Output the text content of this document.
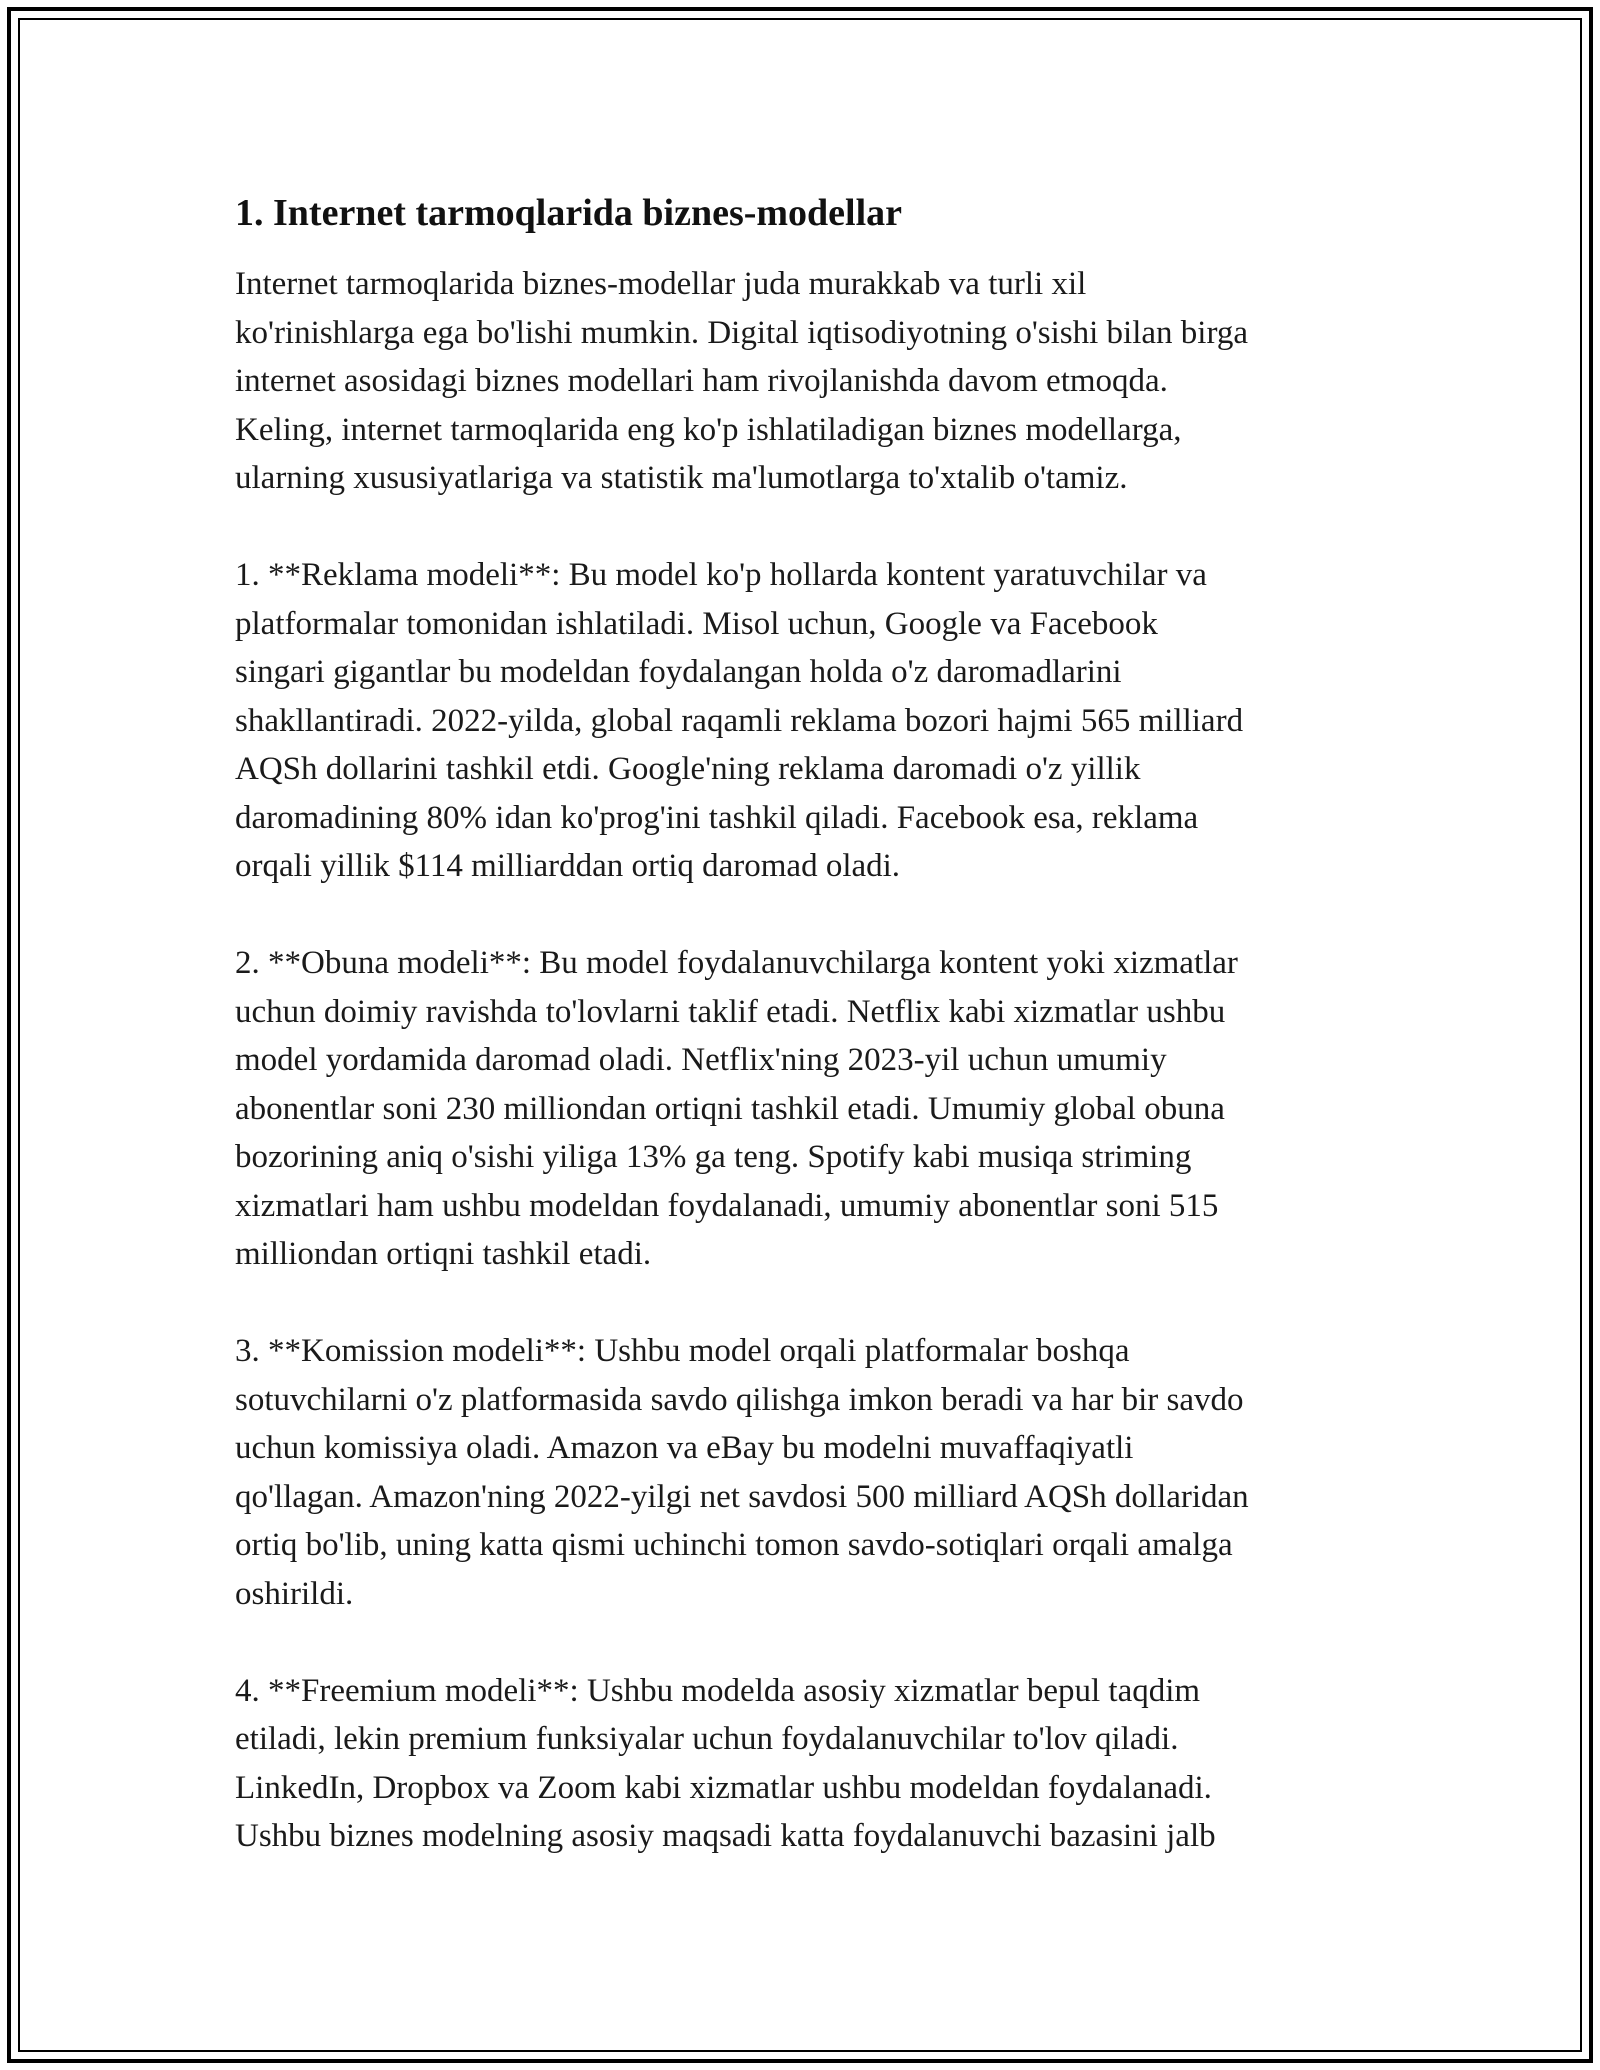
1. Internet tarmoqlarida biznes-modellar

Internet tarmoqlarida biznes-modellar juda murakkab va turli xil
ko'rinishlarga ega bo'lishi mumkin. Digital iqtisodiyotning o'sishi bilan birga
internet asosidagi biznes modellari ham rivojlanishda davom etmoqda.
Keling, internet tarmoqlarida eng ko'p ishlatiladigan biznes modellarga,
ularning xususiyatlariga va statistik ma'lumotlarga to'xtalib o'tamiz.

1. **Reklama modeli**: Bu model ko'p hollarda kontent yaratuvchilar va
platformalar tomonidan ishlatiladi. Misol uchun, Google va Facebook
singari gigantlar bu modeldan foydalangan holda o'z daromadlarini
shakllantiradi. 2022-yilda, global raqamli reklama bozori hajmi 565 milliard
AQSh dollarini tashkil etdi. Google'ning reklama daromadi o'z yillik
daromadining 80% idan ko'prog'ini tashkil qiladi. Facebook esa, reklama
orqali yillik $114 milliarddan ortiq daromad oladi.

2. **Obuna modeli**: Bu model foydalanuvchilarga kontent yoki xizmatlar
uchun doimiy ravishda to'lovlarni taklif etadi. Netflix kabi xizmatlar ushbu
model yordamida daromad oladi. Netflix'ning 2023-yil uchun umumiy
abonentlar soni 230 milliondan ortiqni tashkil etadi. Umumiy global obuna
bozorining aniq o'sishi yiliga 13% ga teng. Spotify kabi musiqa striming
xizmatlari ham ushbu modeldan foydalanadi, umumiy abonentlar soni 515
milliondan ortiqni tashkil etadi.

3. **Komission modeli**: Ushbu model orqali platformalar boshqa
sotuvchilarni o'z platformasida savdo qilishga imkon beradi va har bir savdo
uchun komissiya oladi. Amazon va eBay bu modelni muvaffaqiyatli
qo'llagan. Amazon'ning 2022-yilgi net savdosi 500 milliard AQSh dollaridan
ortiq bo'lib, uning katta qismi uchinchi tomon savdo-sotiqlari orqali amalga
oshirildi.

4. **Freemium modeli**: Ushbu modelda asosiy xizmatlar bepul taqdim
etiladi, lekin premium funksiyalar uchun foydalanuvchilar to'lov qiladi.
LinkedIn, Dropbox va Zoom kabi xizmatlar ushbu modeldan foydalanadi.
Ushbu biznes modelning asosiy maqsadi katta foydalanuvchi bazasini jalb
